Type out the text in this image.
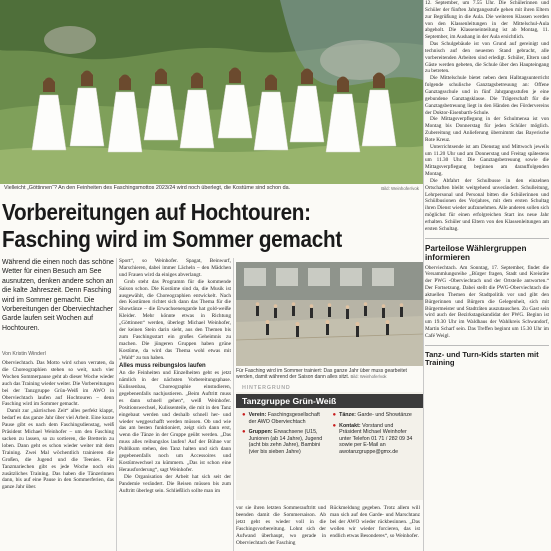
Vielleicht „Göttinnen“? An den Feinheiten des Faschingsmottos 2023/24 wird noch überlegt, die Kostüme sind schon da.	Bild: Weinhofer/vok
Vorbereitungen auf Hochtouren:
Fasching wird im Sommer gemacht
Während die einen noch das schöne Wetter für einen Besuch am See ausnutzen, denken andere schon an die kalte Jahreszeit. Denn Fasching wird im Sommer gemacht. Die Vorbereitungen der Oberviechtacher Garde laufen seit Wochen auf Hochtouren.
Von Kristin Winderl

Oberviechtach. Das Motto wird schon verraten, da die Choreographien stehen so weit, nach vier Wochen Sommerpause geht ab dieser Woche wieder auch das Training wieder weiter. Die Vorbereitungen bei der Tanzgruppe Grün-Weiß im AWO in Oberviechtach laufen auf Hochtouren – denn Fasching wird im Sommer gemacht.

Damit zur „närrischen Zeit“ alles perfekt klappt, bedarf es das ganze Jahr über viel Arbeit. Eine kurze Pause gibt es nach dem Faschingsdienstag, weiß Präsident Michael Weinhofer – um den Fasching sacken zu lassen, so zu sortieren, die Bretterin zu loben. Dann geht es schon wieder weiter mit dem Training. Zwei Mal wöchentlich trainieren die Großen, die Jugend und die Teenies. Für Tanzmariechen gibt es jede Woche noch ein zusätzliches Training. Das haben die Tänzerinnen dann, bis auf eine Pause in den Sommerferien, das ganze Jahr über.

Sport“, so Weinhofer. Spagat, Beinwurf, Marschieren, dabei immer Lächeln – den Mädchen und Frauen wird da einiges abverlangt.

Grob steht das Programm für die kommende Saison schon. Die Kostüme sind da, die Musik ist ausgewählt, die Choreographien entwickelt. Nach den Kostümen richtet sich dann das Thema für die Showtänze – die Erwachsenengarde hat gold-weiße Kleider. Mehr könnte etwas in Richtung „Göttinnen“ werden, überlegt Michael Weinhofer, der keinen Stein darin sieht, aus den Themen bis zum Faschingsstart ein großes Geheimnis zu machen. Die jüngeren Gruppen haben grüne Kostüme, da wird das Thema wohl etwas mit „Wald“ zu tun haben.

Alles muss reibungslos laufen

An die Feinheiten und Einzelheiten geht es jetzt nämlich in der nächsten Vorbereitungsphase. Kulissenbau, Choreographie einstudieren, gegebenenfalls nachjustieren. „Beim Auftritt muss es dann schnell gehen“, weiß Weinhofer. Positionswechsel, Kulissenteile, die mit in den Tanz eingebaut werden und deshalb schnell her- und wieder weggeschafft werden müssen. Ob und wie das am besten funktioniert, zeigt sich dann erst, wenn die Tänze in der Gruppe geübt werden. „Das muss alles reibungslos laufen! Auf der Bühne vor Publikum stehen, den Tanz halten und sich dann gegebenenfalls noch um Accessoires und Kostümwechsel zu kümmern. „Das ist schon eine Herausforderung“, sagt Weinhofer.

Die Organisation der Arbeit hat sich seit der Pandemie verändert. Die Reisen müssen bis zum Auftritt überlegt sein. Schließlich sollte man im

Für Fasching wird im Sommer trainiert: Das ganze Jahr über muss gearbeitet werden, damit während der Saison dann alles sitzt. Bild: Weinhofer/vok
HINTERGRUND
Tanzgruppe Grün-Weiß
● Verein: Faschingsgesellschaft der AWO Oberviechtach
● Gruppen: Erwachsene (U15, Junioren (ab 14 Jahre), Jugend (acht bis zehn Jahre), Bambini (vier bis sieben Jahre)
● Tänze: Garde- und Showtänze
● Kontakt: Vorstand und Präsident Michael Weinhofer unter Telefon 01 71 / 282 09 34 sowie per E-Mail an awotanzgruppe@gmx.de

vor sie ihren letzten Sommerauftritt und beenden damit die Sommersaison. Ab jetzt geht es wieder voll in die Faschingsvorbereitung. Lohnt sich der Aufwand überhaupt, wo gerade in Oberviechtach der Fasching

Rückmeldung gegeben. Trotz allem will man sich auf den Garde- und Marschtanz bei der AWO wieder rückbesinnen. „Das wollen wir wieder forcieren, das ist endlich etwas Besonderes“, so Weinhofer.

12. September, um 7.55 Uhr. Die Schülerinnen und Schüler der fünften Jahrgangsstufe gehen mit ihren Eltern zur Begrüßung in die Aula. Die weiteren Klassen werden von den Klassenleitungen in der Mittelschul-Aula abgeholt. Die Klasseneinteilung ist ab Montag, 11. September, im Aushang in der Aula ersichtlich.

Das Schulgebäude ist von Grund auf gereinigt und technisch auf den neuesten Stand gebracht, alle vorbereitenden Arbeiten sind erledigt. Schüler, Eltern und Gäste werden gebeten, die Schule über den Haupteingang zu betreten.

Die Mittelschule bietet neben dem Halbtagsunterricht folgende schulische Ganztagsbetreuung an: Offene Ganztagsschule und in fünf Jahrgangsstufen je eine gebundene Ganztagsklasse. Die Trägerschaft für die Ganztagsbetreuung liegt in den Händen des Fördervereins der Doktor-Eisenbarth-Schule.

Die Mittagsverpflegung in der Schulmensa ist von Montag bis Donnerstag für jeden Schüler möglich. Zubereitung und Anlieferung übernimmt das Bayerische Rote Kreuz.

Unterrichtsende ist am Dienstag und Mittwoch jeweils um 11.20 Uhr und am Donnerstag und Freitag spätestens um 11.30 Uhr. Die Ganztagsbetreuung sowie die Mittagsverpflegung beginnen am darauffolgenden Montag.

Die Abfahrt der Schulbusse in den einzelnen Ortschaften bleibt weitgehend unverändert. Schulleitung, Lehrpersonal und Personal bitten die Schülerinnen und Schülbusionen des Vorjahres, mit dem ersten Schultag ihren Dienst wieder aufzunehmen. Alle anderen sollen sich möglichst für einen erfolgreichen Start ins neue Jahr erhalten. Schüler und Eltern von den Klassenleitungen am ersten Schultag.

Parteilose Wählergruppen informieren

Oberviechtach. Am Sonntag, 17. September, findet die Versammlungsreihe „Bürger fragen, Stadt und Kreisräte der PWG -Oberviechtach und der Ortsteile antworten.“ Der Fortsetzung. Dabei stellt die PWG-Oberviechtach die aktuellen Themen der Stadtpolitik vor und gibt den Bürgerinnen und Bürgern die Gelegenheit, sich mit Bürgermeister und Stadträten auszutauschen. Zu Gast sein wird auch der Bezirkstagskandidat der PWG. Beginn ist um 19.30 Uhr im Waldhaus der Wahlkreis Schwandorf, Martin Scharf sein. Das Treffen beginnt um 15.30 Uhr im Café Weigl.

Tanz- und Turn-Kids starten mit Training
